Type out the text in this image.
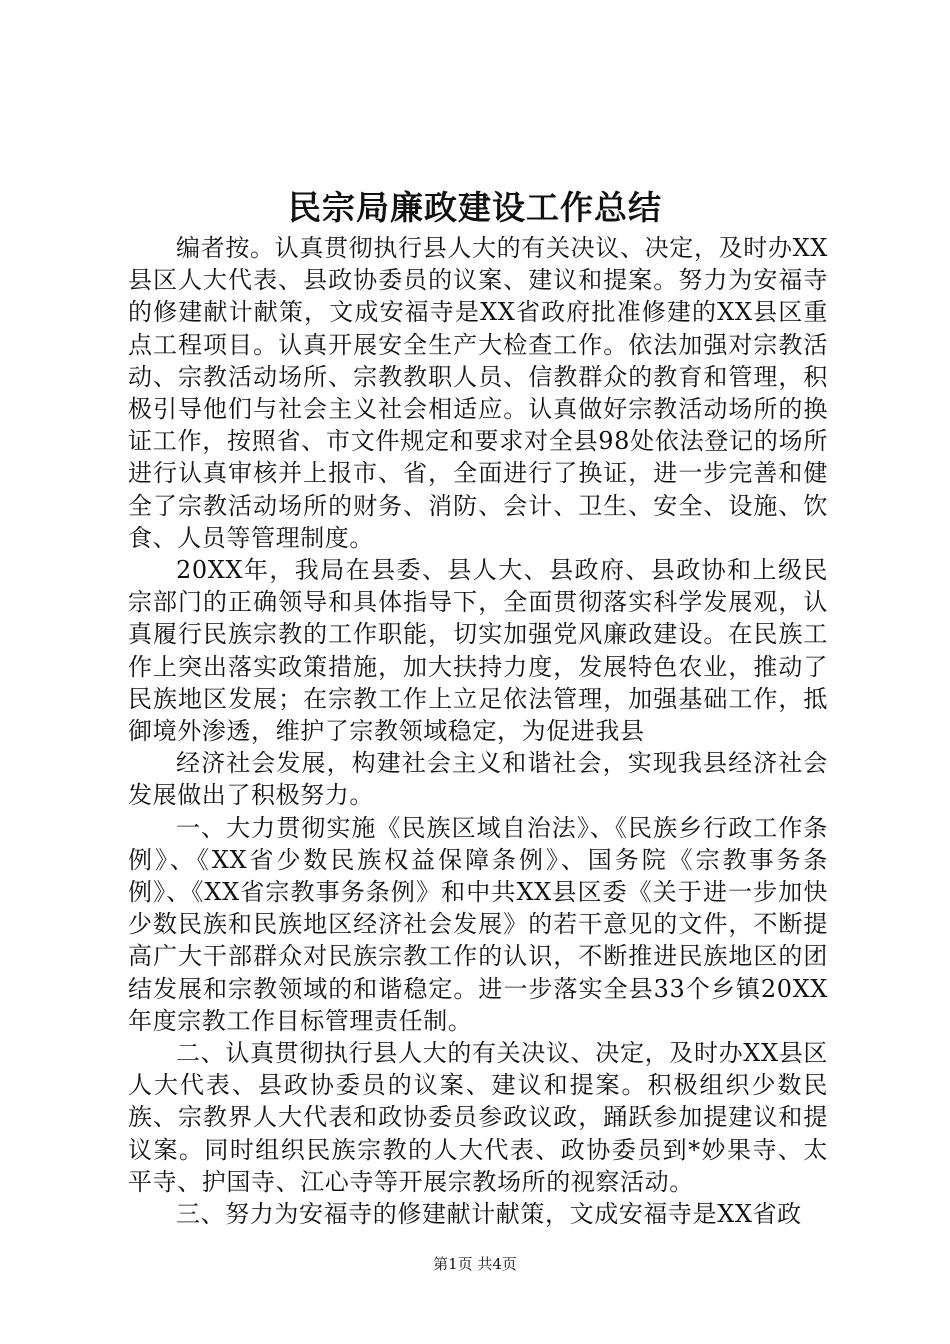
民宗局廉政建设工作总结

编者按。认真贯彻执行县人大的有关决议、决定，及时办XX县区人大代表、县政协委员的议案、建议和提案。努力为安福寺的修建献计献策，文成安福寺是XX省政府批准修建的XX县区重点工程项目。认真开展安全生产大检查工作。依法加强对宗教活动、宗教活动场所、宗教教职人员、信教群众的教育和管理，积极引导他们与社会主义社会相适应。认真做好宗教活动场所的换证工作，按照省、市文件规定和要求对全县98处依法登记的场所进行认真审核并上报市、省，全面进行了换证，进一步完善和健全了宗教活动场所的财务、消防、会计、卫生、安全、设施、饮食、人员等管理制度。

20XX年，我局在县委、县人大、县政府、县政协和上级民宗部门的正确领导和具体指导下，全面贯彻落实科学发展观，认真履行民族宗教的工作职能，切实加强党风廉政建设。在民族工作上突出落实政策措施，加大扶持力度，发展特色农业，推动了民族地区发展；在宗教工作上立足依法管理，加强基础工作，抵御境外渗透，维护了宗教领域稳定，为促进我县

经济社会发展，构建社会主义和谐社会，实现我县经济社会发展做出了积极努力。

一、大力贯彻实施《民族区域自治法》、《民族乡行政工作条例》、《XX省少数民族权益保障条例》、国务院《宗教事务条例》、《XX省宗教事务条例》和中共XX县区委《关于进一步加快少数民族和民族地区经济社会发展》的若干意见的文件，不断提高广大干部群众对民族宗教工作的认识，不断推进民族地区的团结发展和宗教领域的和谐稳定。进一步落实全县33个乡镇20XX年度宗教工作目标管理责任制。

二、认真贯彻执行县人大的有关决议、决定，及时办XX县区人大代表、县政协委员的议案、建议和提案。积极组织少数民族、宗教界人大代表和政协委员参政议政，踊跃参加提建议和提议案。同时组织民族宗教的人大代表、政协委员到*妙果寺、太平寺、护国寺、江心寺等开展宗教场所的视察活动。

三、努力为安福寺的修建献计献策，文成安福寺是XX省政

第1页 共4页
